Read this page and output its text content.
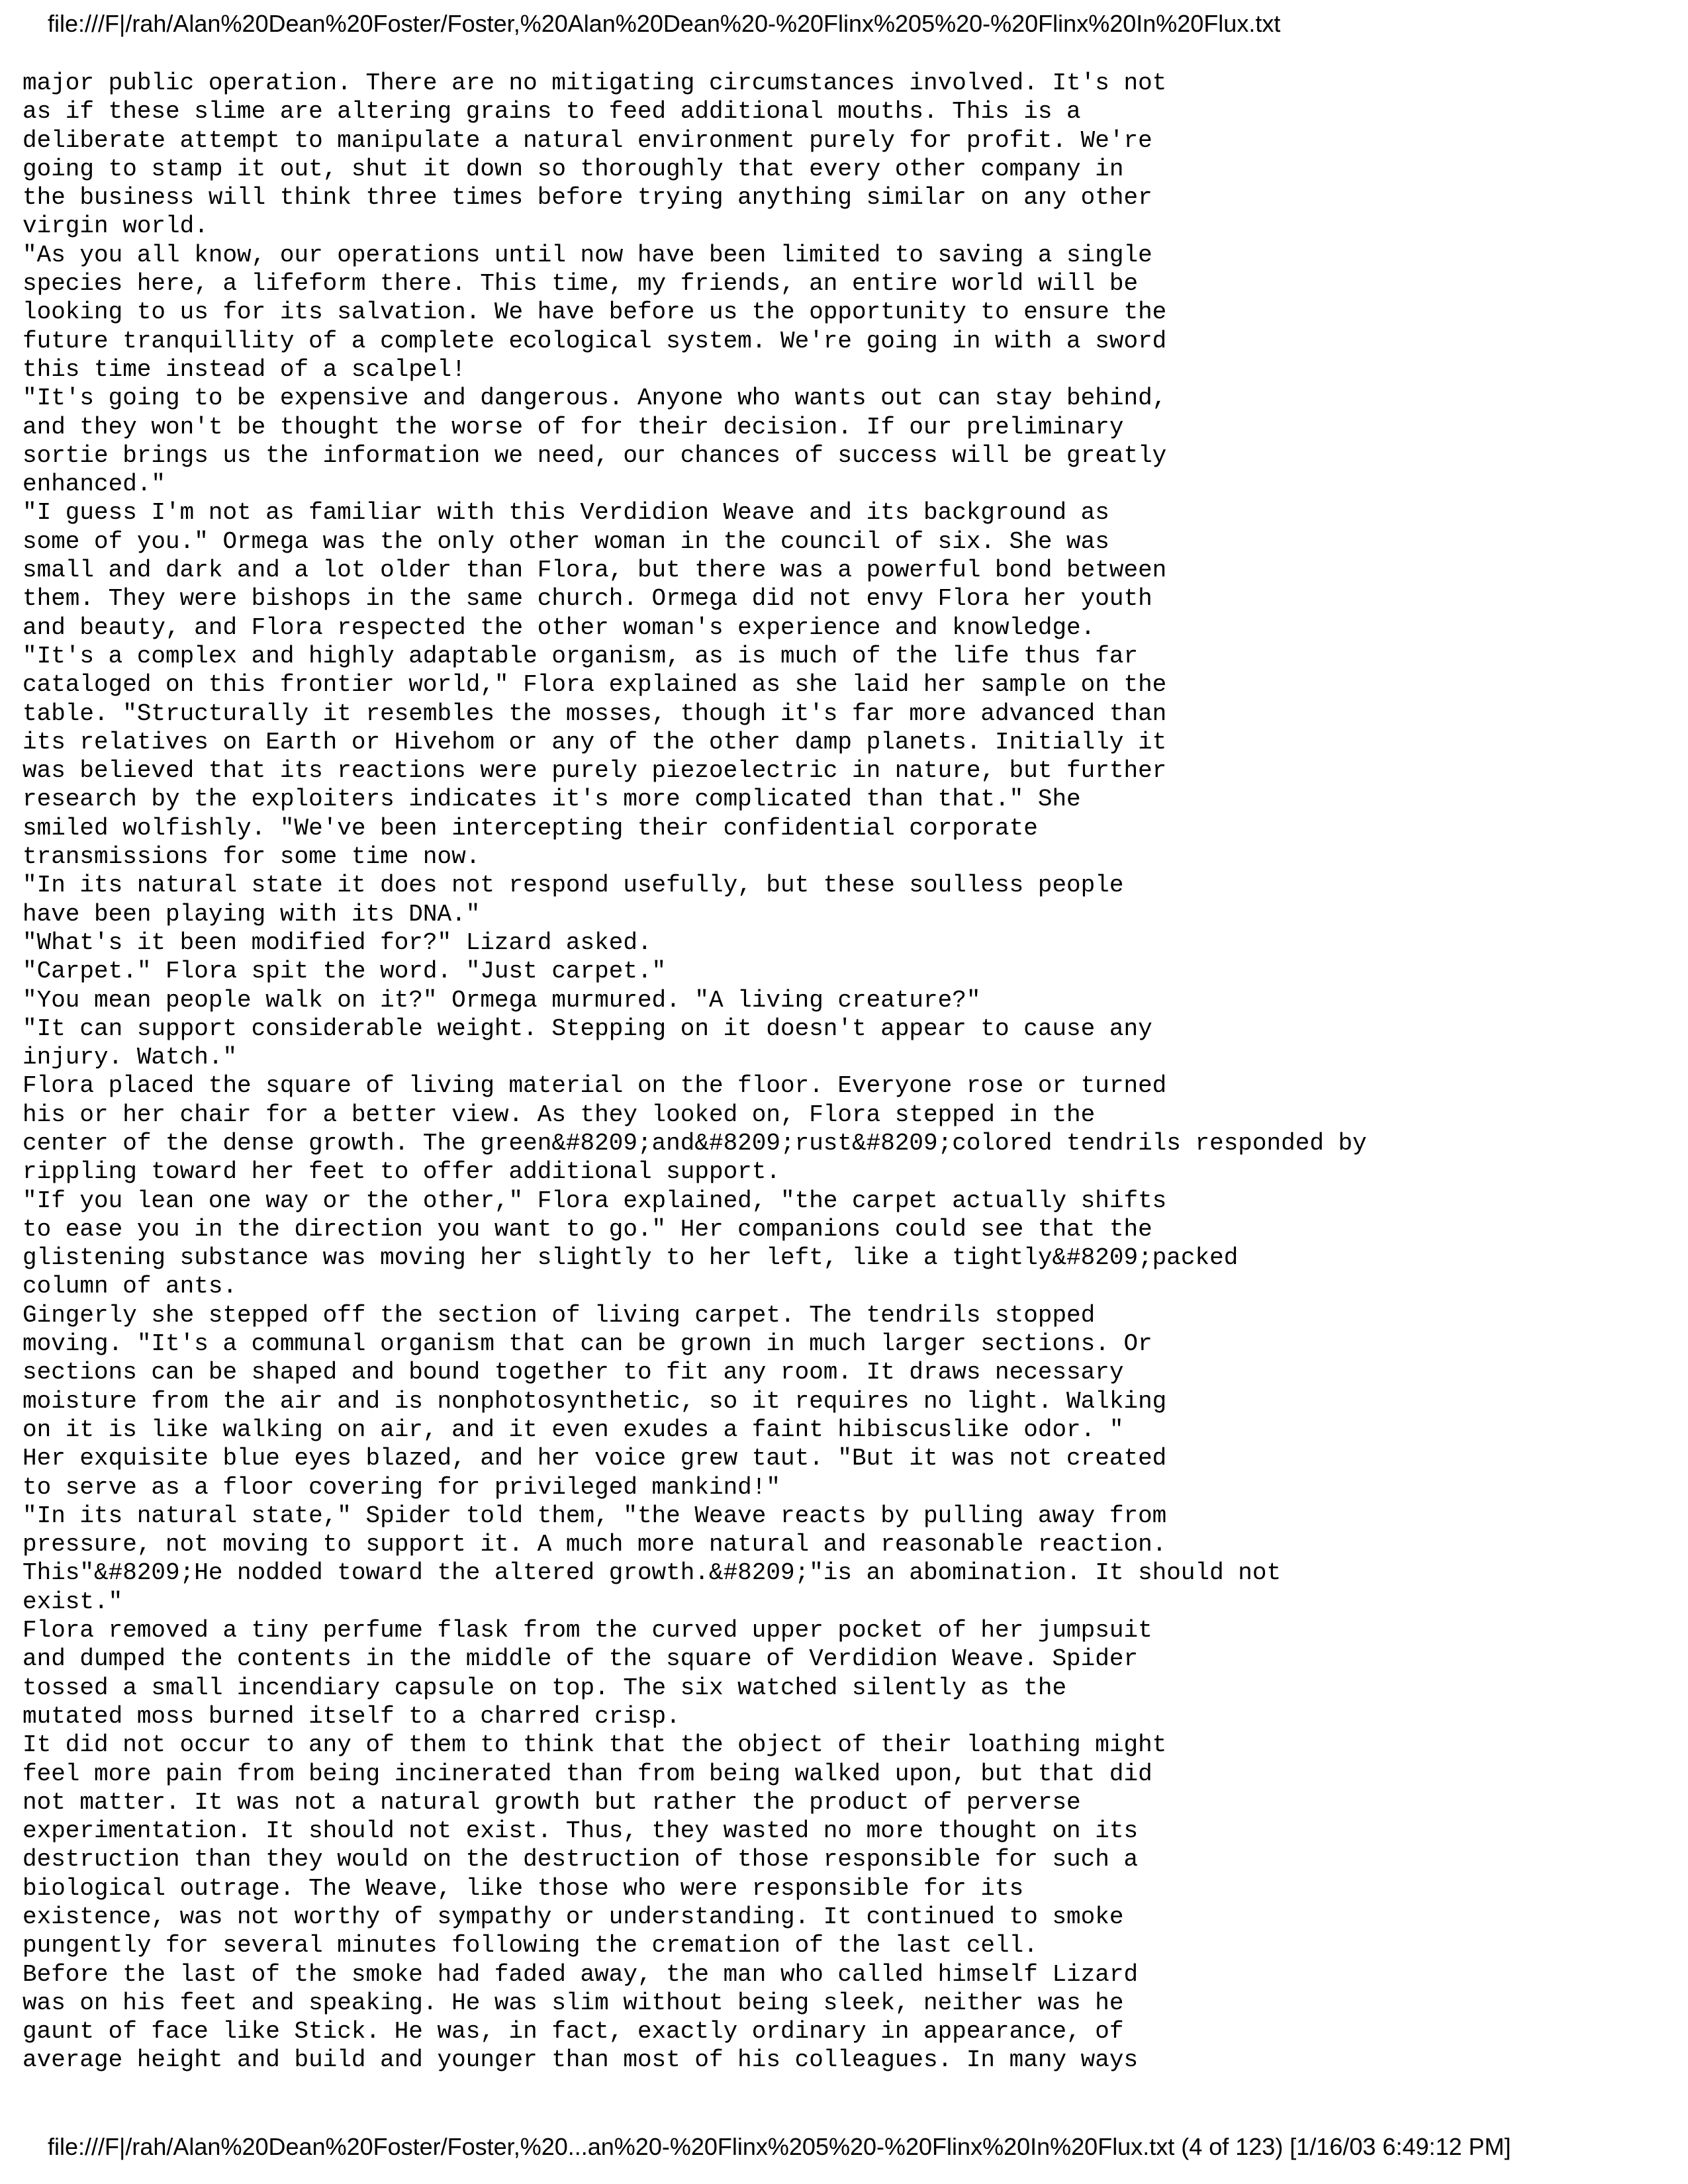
file:///F|/rah/Alan%20Dean%20Foster/Foster,%20Alan%20Dean%20-%20Flinx%205%20-%20Flinx%20In%20Flux.txt
major public operation. There are no mitigating circumstances involved. It's not
as if these slime are altering grains to feed additional mouths. This is a
deliberate attempt to manipulate a natural environment purely for profit. We're
going to stamp it out, shut it down so thoroughly that every other company in
the business will think three times before trying anything similar on any other
virgin world.
"As you all know, our operations until now have been limited to saving a single
species here, a lifeform there. This time, my friends, an entire world will be
looking to us for its salvation. We have before us the opportunity to ensure the
future tranquillity of a complete ecological system. We're going in with a sword
this time instead of a scalpel!
"It's going to be expensive and dangerous. Anyone who wants out can stay behind,
and they won't be thought the worse of for their decision. If our preliminary
sortie brings us the information we need, our chances of success will be greatly
enhanced."
"I guess I'm not as familiar with this Verdidion Weave and its background as
some of you." Ormega was the only other woman in the council of six. She was
small and dark and a lot older than Flora, but there was a powerful bond between
them. They were bishops in the same church. Ormega did not envy Flora her youth
and beauty, and Flora respected the other woman's experience and knowledge.
"It's a complex and highly adaptable organism, as is much of the life thus far
cataloged on this frontier world," Flora explained as she laid her sample on the
table. "Structurally it resembles the mosses, though it's far more advanced than
its relatives on Earth or Hivehom or any of the other damp planets. Initially it
was believed that its reactions were purely piezoelectric in nature, but further
research by the exploiters indicates it's more complicated than that." She
smiled wolfishly. "We've been intercepting their confidential corporate
transmissions for some time now.
"In its natural state it does not respond usefully, but these soulless people
have been playing with its DNA."
"What's it been modified for?" Lizard asked.
"Carpet." Flora spit the word. "Just carpet."
"You mean people walk on it?" Ormega murmured. "A living creature?"
"It can support considerable weight. Stepping on it doesn't appear to cause any
injury. Watch."
Flora placed the square of living material on the floor. Everyone rose or turned
his or her chair for a better view. As they looked on, Flora stepped in the
center of the dense growth. The green&#8209;and&#8209;rust&#8209;colored tendrils responded by
rippling toward her feet to offer additional support.
"If you lean one way or the other," Flora explained, "the carpet actually shifts
to ease you in the direction you want to go." Her companions could see that the
glistening substance was moving her slightly to her left, like a tightly&#8209;packed
column of ants.
Gingerly she stepped off the section of living carpet. The tendrils stopped
moving. "It's a communal organism that can be grown in much larger sections. Or
sections can be shaped and bound together to fit any room. It draws necessary
moisture from the air and is nonphotosynthetic, so it requires no light. Walking
on it is like walking on air, and it even exudes a faint hibiscuslike odor. "
Her exquisite blue eyes blazed, and her voice grew taut. "But it was not created
to serve as a floor covering for privileged mankind!"
"In its natural state," Spider told them, "the Weave reacts by pulling away from
pressure, not moving to support it. A much more natural and reasonable reaction.
This"&#8209;He nodded toward the altered growth.&#8209;"is an abomination. It should not
exist."
Flora removed a tiny perfume flask from the curved upper pocket of her jumpsuit
and dumped the contents in the middle of the square of Verdidion Weave. Spider
tossed a small incendiary capsule on top. The six watched silently as the
mutated moss burned itself to a charred crisp.
It did not occur to any of them to think that the object of their loathing might
feel more pain from being incinerated than from being walked upon, but that did
not matter. It was not a natural growth but rather the product of perverse
experimentation. It should not exist. Thus, they wasted no more thought on its
destruction than they would on the destruction of those responsible for such a
biological outrage. The Weave, like those who were responsible for its
existence, was not worthy of sympathy or understanding. It continued to smoke
pungently for several minutes following the cremation of the last cell.
Before the last of the smoke had faded away, the man who called himself Lizard
was on his feet and speaking. He was slim without being sleek, neither was he
gaunt of face like Stick. He was, in fact, exactly ordinary in appearance, of
average height and build and younger than most of his colleagues. In many ways
file:///F|/rah/Alan%20Dean%20Foster/Foster,%20...an%20-%20Flinx%205%20-%20Flinx%20In%20Flux.txt (4 of 123) [1/16/03 6:49:12 PM]
